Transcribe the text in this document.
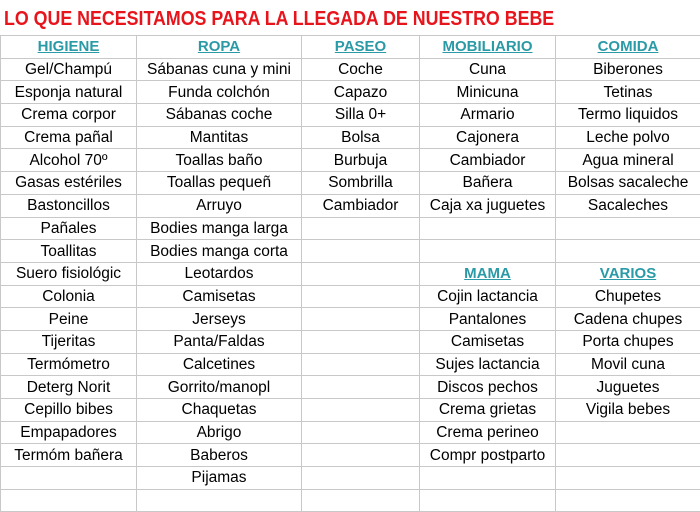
LO QUE NECESITAMOS PARA LA LLEGADA DE NUESTRO BEBE
HIGIENE	ROPA	PASEO	MOBILIARIO	COMIDA
Gel/Champú	Sábanas cuna y mini	Coche	Cuna	Biberones
Esponja natural	Funda colchón	Capazo	Minicuna	Tetinas
Crema corpor	Sábanas coche	Silla 0+	Armario	Termo liquidos
Crema pañal	Mantitas	Bolsa	Cajonera	Leche polvo
Alcohol 70º	Toallas baño	Burbuja	Cambiador	Agua mineral
Gasas estériles	Toallas pequeñ	Sombrilla	Bañera	Bolsas sacaleche
Bastoncillos	Arruyo	Cambiador	Caja xa juguetes	Sacaleches
Pañales	Bodies manga larga			
Toallitas	Bodies manga corta			
Suero fisiológic	Leotardos		MAMA	VARIOS
Colonia	Camisetas		Cojin lactancia	Chupetes
Peine	Jerseys		Pantalones	Cadena chupes
Tijeritas	Panta/Faldas		Camisetas	Porta chupes
Termómetro	Calcetines		Sujes lactancia	Movil cuna
Deterg Norit	Gorrito/manopl		Discos pechos	Juguetes
Cepillo bibes	Chaquetas		Crema grietas	Vigila bebes
Empapadores	Abrigo		Crema perineo	
Termóm bañera	Baberos		Compr postparto	
	Pijamas			
